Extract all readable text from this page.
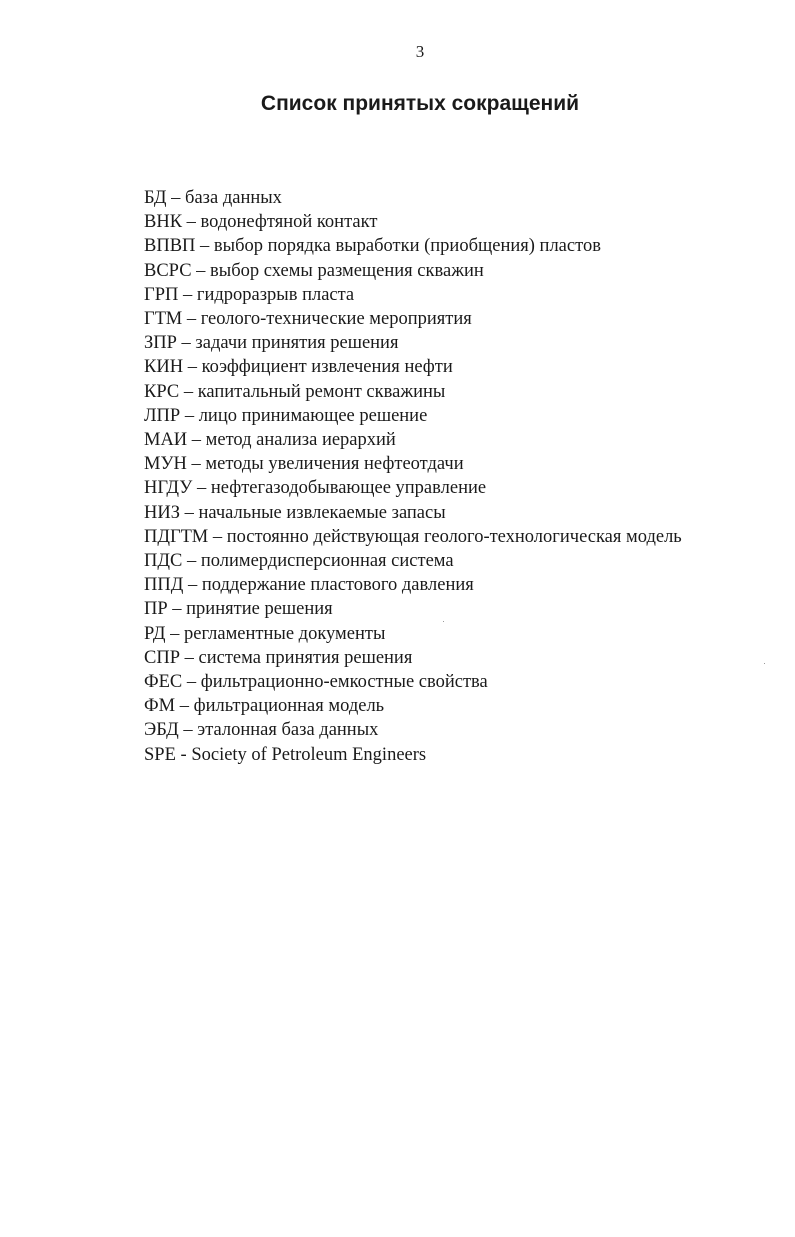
3
Список принятых сокращений
БД – база данных
ВНК – водонефтяной контакт
ВПВП – выбор порядка выработки (приобщения) пластов
ВСРС – выбор схемы размещения скважин
ГРП – гидроразрыв пласта
ГТМ – геолого-технические мероприятия
ЗПР – задачи принятия решения
КИН – коэффициент извлечения нефти
КРС – капитальный ремонт скважины
ЛПР – лицо принимающее решение
МАИ – метод анализа иерархий
МУН – методы увеличения нефтеотдачи
НГДУ – нефтегазодобывающее управление
НИЗ – начальные извлекаемые запасы
ПДГТМ – постоянно действующая геолого-технологическая модель
ПДС – полимердисперсионная система
ППД – поддержание пластового давления
ПР – принятие решения
РД – регламентные документы
СПР – система принятия решения
ФЕС – фильтрационно-емкостные свойства
ФМ – фильтрационная модель
ЭБД – эталонная база данных
SPE - Society of Petroleum Engineers
